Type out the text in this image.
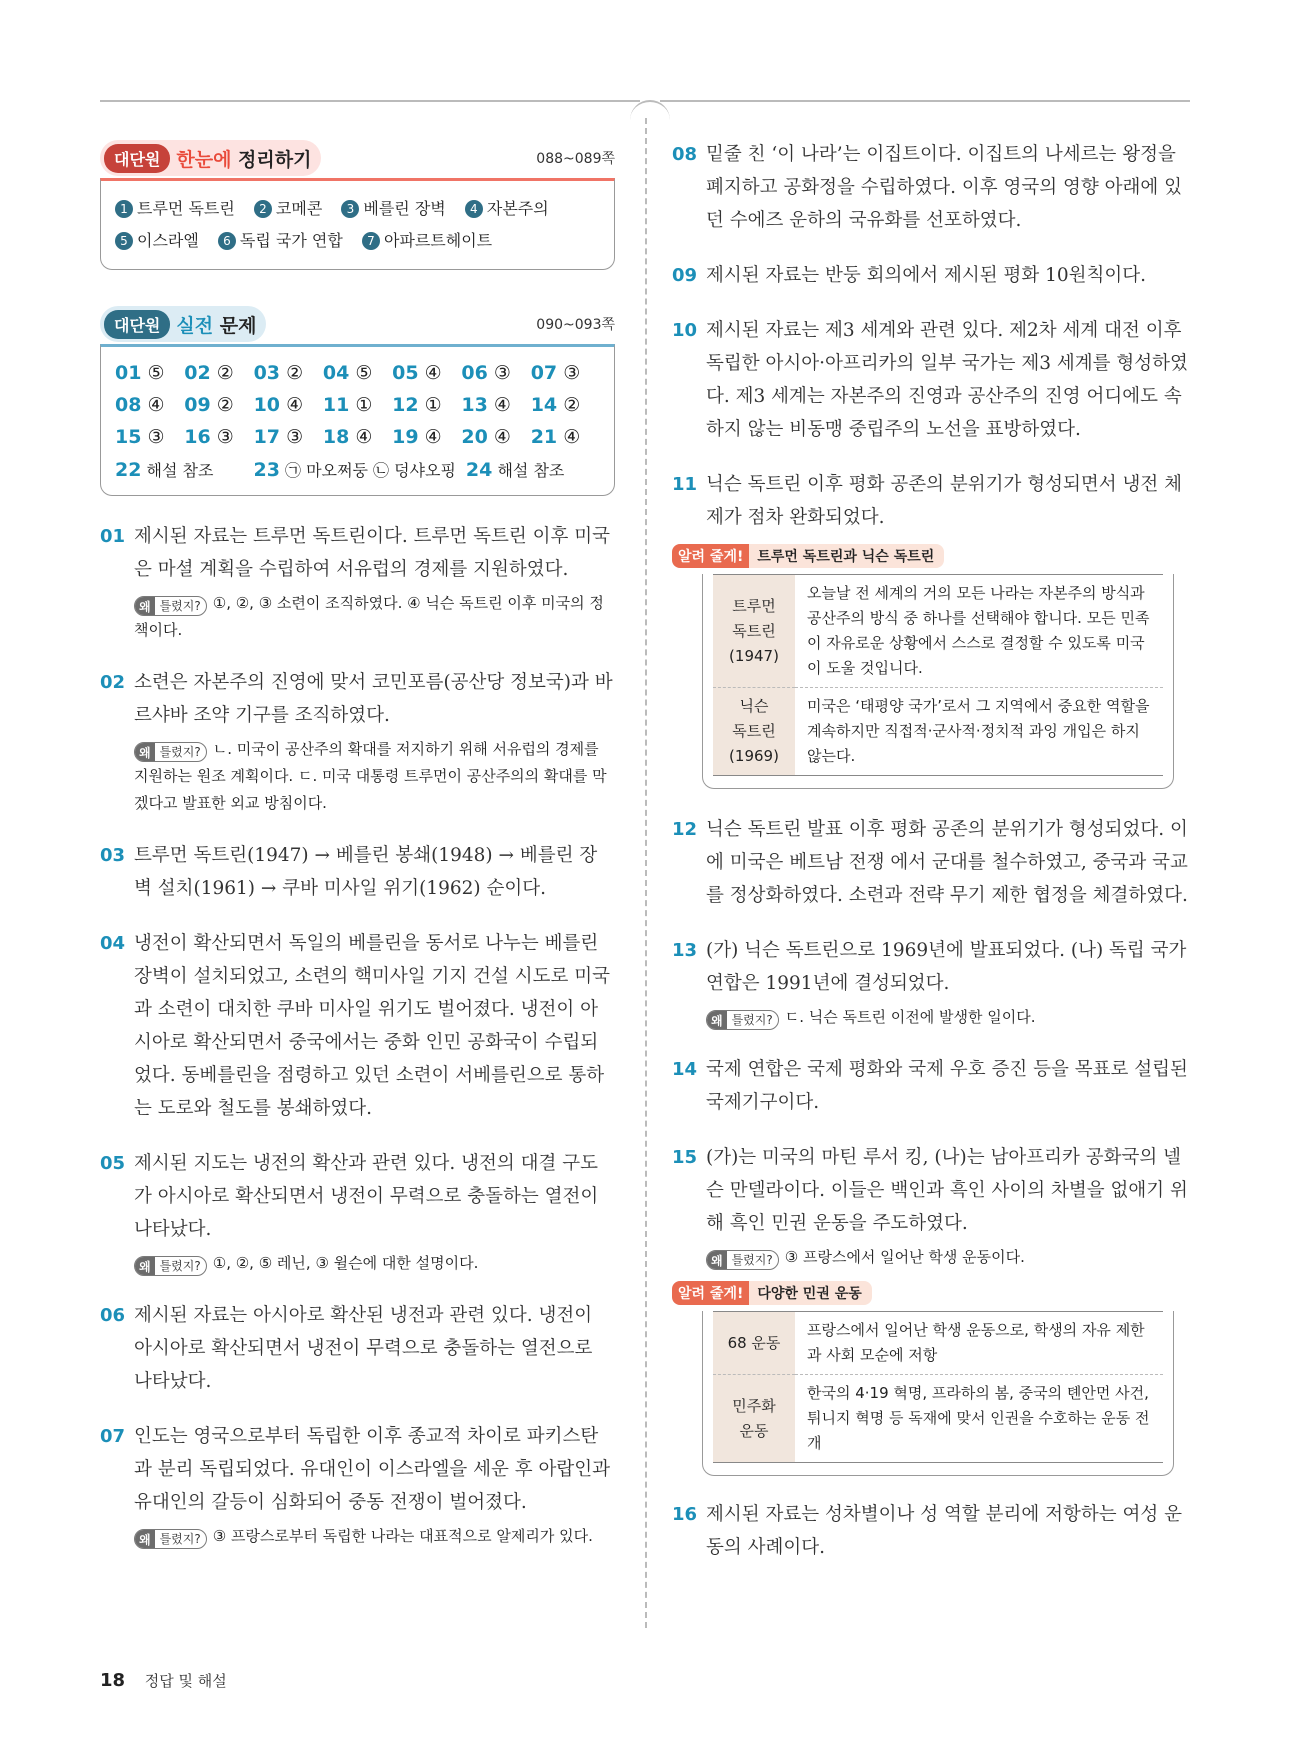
대단원 한눈에 정리하기	088~089쪽
1 트루먼 독트린 2 코메콘 3 베를린 장벽 4 자본주의
5 이스라엘 6 독립 국가 연합 7 아파르트헤이트
대단원 실전 문제	090~093쪽
01 ⑤	02 ②	03 ②	04 ⑤	05 ④	06 ③	07 ③
08 ④	09 ②	10 ④	11 ①	12 ①	13 ④	14 ②
15 ③	16 ③	17 ③	18 ④	19 ④	20 ④	21 ④
22 해설 참조 23 ㉠ 마오쩌둥 ㉡ 덩샤오핑 24 해설 참조
01 제시된 자료는 트루먼 독트린이다. 트루먼 독트린 이후 미국은 마셜 계획을 수립하여 서유럽의 경제를 지원하였다.
왜 틀렸지? ①, ②, ③ 소련이 조직하였다. ④ 닉슨 독트린 이후 미국의 정책이다.
02 소련은 자본주의 진영에 맞서 코민포름(공산당 정보국)과 바르샤바 조약 기구를 조직하였다.
왜 틀렸지? ㄴ. 미국이 공산주의 확대를 저지하기 위해 서유럽의 경제를 지원하는 원조 계획이다. ㄷ. 미국 대통령 트루먼이 공산주의의 확대를 막겠다고 발표한 외교 방침이다.
03 트루먼 독트린(1947) → 베를린 봉쇄(1948) → 베를린 장벽 설치(1961) → 쿠바 미사일 위기(1962) 순이다.
04 냉전이 확산되면서 독일의 베를린을 동서로 나누는 베를린 장벽이 설치되었고, 소련의 핵미사일 기지 건설 시도로 미국과 소련이 대치한 쿠바 미사일 위기도 벌어졌다. 냉전이 아시아로 확산되면서 중국에서는 중화 인민 공화국이 수립되었다. 동베를린을 점령하고 있던 소련이 서베를린으로 통하는 도로와 철도를 봉쇄하였다.
05 제시된 지도는 냉전의 확산과 관련 있다. 냉전의 대결 구도가 아시아로 확산되면서 냉전이 무력으로 충돌하는 열전이 나타났다.
왜 틀렸지? ①, ②, ⑤ 레닌, ③ 윌슨에 대한 설명이다.
06 제시된 자료는 아시아로 확산된 냉전과 관련 있다. 냉전이 아시아로 확산되면서 냉전이 무력으로 충돌하는 열전으로 나타났다.
07 인도는 영국으로부터 독립한 이후 종교적 차이로 파키스탄과 분리 독립되었다. 유대인이 이스라엘을 세운 후 아랍인과 유대인의 갈등이 심화되어 중동 전쟁이 벌어졌다.
왜 틀렸지? ③ 프랑스로부터 독립한 나라는 대표적으로 알제리가 있다.
08 밑줄 친 ‘이 나라’는 이집트이다. 이집트의 나세르는 왕정을 폐지하고 공화정을 수립하였다. 이후 영국의 영향 아래에 있던 수에즈 운하의 국유화를 선포하였다.
09 제시된 자료는 반둥 회의에서 제시된 평화 10원칙이다.
10 제시된 자료는 제3 세계와 관련 있다. 제2차 세계 대전 이후 독립한 아시아·아프리카의 일부 국가는 제3 세계를 형성하였다. 제3 세계는 자본주의 진영과 공산주의 진영 어디에도 속하지 않는 비동맹 중립주의 노선을 표방하였다.
11 닉슨 독트린 이후 평화 공존의 분위기가 형성되면서 냉전 체제가 점차 완화되었다.
알려 줄게!	트루먼 독트린과 닉슨 독트린
트루먼
독트린
(1947)	오늘날 전 세계의 거의 모든 나라는 자본주의 방식과 공산주의 방식 중 하나를 선택해야 합니다. 모든 민족이 자유로운 상황에서 스스로 결정할 수 있도록 미국이 도울 것입니다.
닉슨
독트린
(1969)	미국은 ‘태평양 국가’로서 그 지역에서 중요한 역할을 계속하지만 직접적·군사적·정치적 과잉 개입은 하지 않는다.
12 닉슨 독트린 발표 이후 평화 공존의 분위기가 형성되었다. 이에 미국은 베트남 전쟁 에서 군대를 철수하였고, 중국과 국교를 정상화하였다. 소련과 전략 무기 제한 협정을 체결하였다.
13 (가) 닉슨 독트린으로 1969년에 발표되었다. (나) 독립 국가 연합은 1991년에 결성되었다.
왜 틀렸지? ㄷ. 닉슨 독트린 이전에 발생한 일이다.
14 국제 연합은 국제 평화와 국제 우호 증진 등을 목표로 설립된 국제기구이다.
15 (가)는 미국의 마틴 루서 킹, (나)는 남아프리카 공화국의 넬슨 만델라이다. 이들은 백인과 흑인 사이의 차별을 없애기 위해 흑인 민권 운동을 주도하였다.
왜 틀렸지? ③ 프랑스에서 일어난 학생 운동이다.
알려 줄게!	다양한 민권 운동
68 운동	프랑스에서 일어난 학생 운동으로, 학생의 자유 제한과 사회 모순에 저항
민주화
운동	한국의 4·19 혁명, 프라하의 봄, 중국의 톈안먼 사건, 튀니지 혁명 등 독재에 맞서 인권을 수호하는 운동 전개
16 제시된 자료는 성차별이나 성 역할 분리에 저항하는 여성 운동의 사례이다.
18 정답 및 해설
